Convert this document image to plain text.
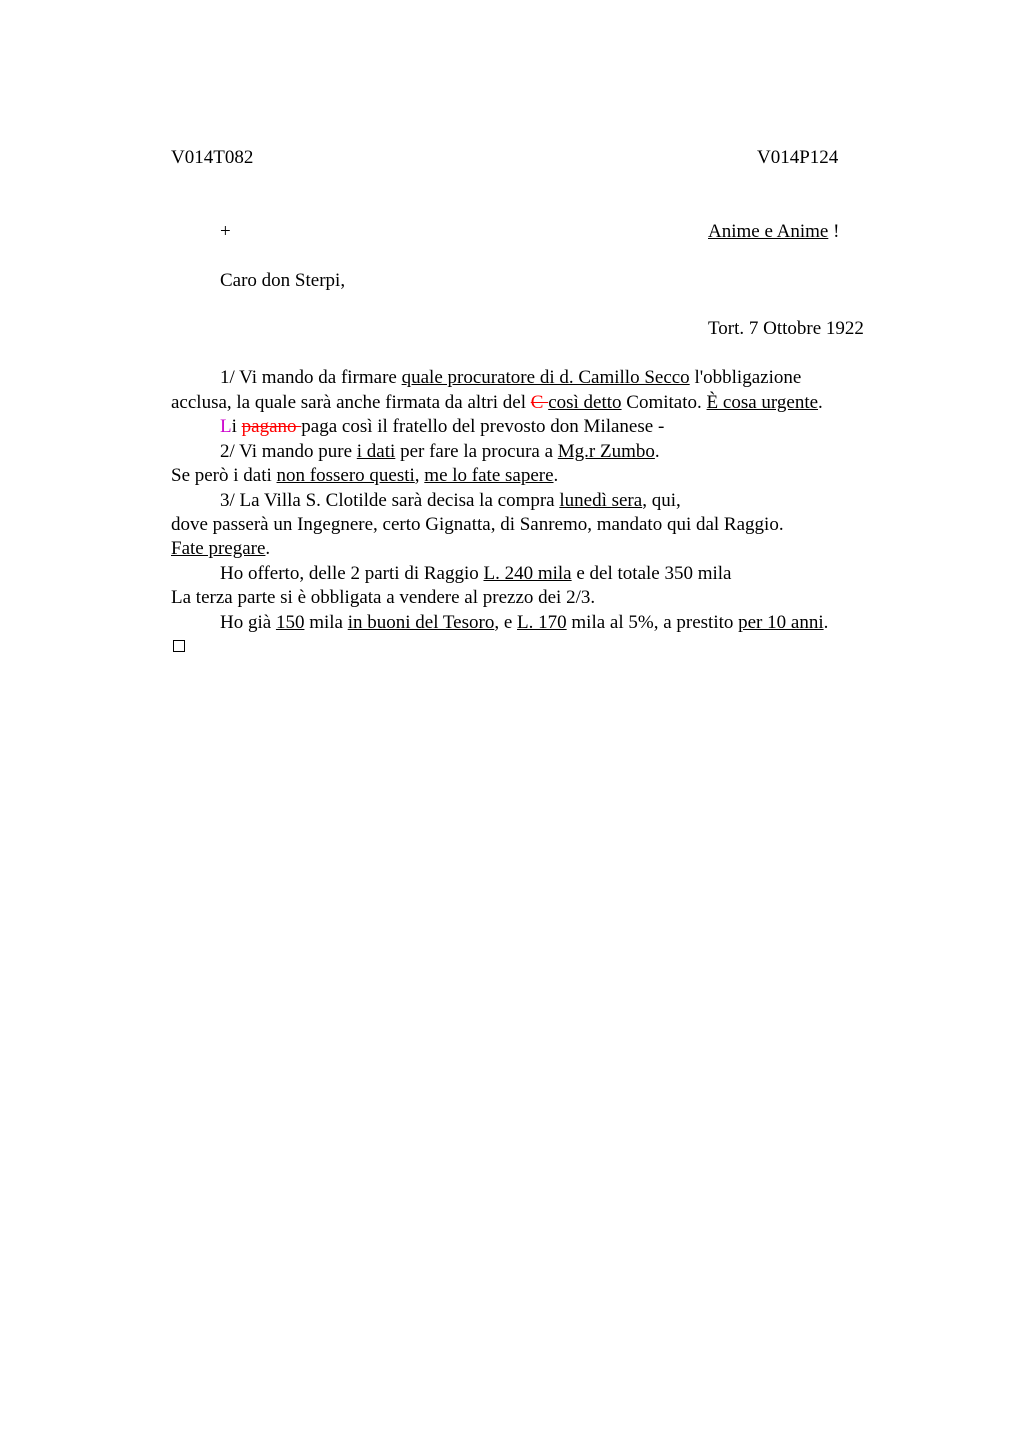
V014T082	V014P124
+	Anime e Anime !
Caro don Sterpi,
Tort. 7 Ottobre 1922
1/ Vi mando da firmare quale procuratore di d. Camillo Secco l'obbligazione
acclusa, la quale sarà anche firmata da altri del C così detto Comitato. È cosa urgente.
Li pagano paga così il fratello del prevosto don Milanese -
2/ Vi mando pure i dati per fare la procura a Mg.r Zumbo.
Se però i dati non fossero questi, me lo fate sapere.
3/ La Villa S. Clotilde sarà decisa la compra lunedì sera, qui,
dove passerà un Ingegnere, certo Gignatta, di Sanremo, mandato qui dal Raggio.
Fate pregare.
Ho offerto, delle 2 parti di Raggio L. 240 mila e del totale 350 mila
La terza parte si è obbligata a vendere al prezzo dei 2/3.
Ho già 150 mila in buoni del Tesoro, e L. 170 mila al 5%, a prestito per 10 anni.
